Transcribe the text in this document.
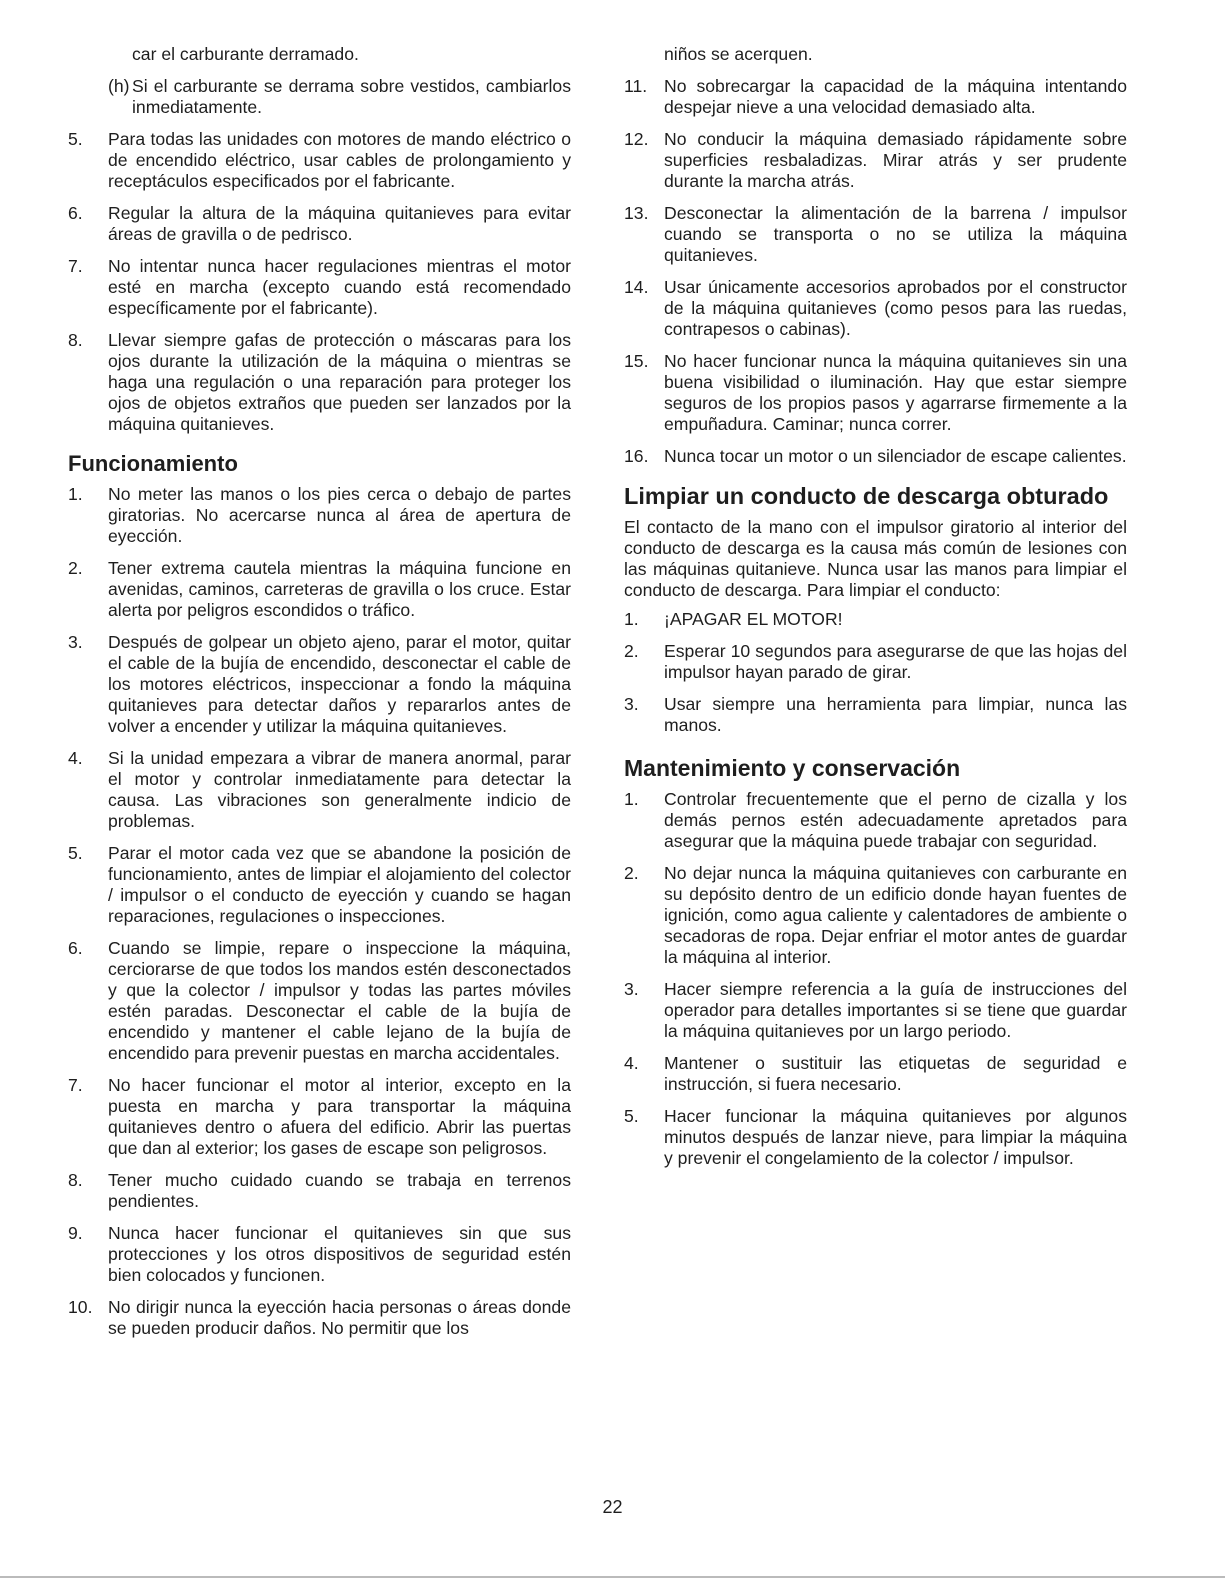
car el carburante derramado.
(h) Si el carburante se derrama sobre vestidos, cambiarlos inmediatamente.
5. Para todas las unidades con motores de mando eléctrico o de encendido eléctrico, usar cables de prolongamiento y receptáculos especificados por el fabricante.
6. Regular la altura de la máquina quitanieves para evitar áreas de gravilla o de pedrisco.
7. No intentar nunca hacer regulaciones mientras el motor esté en marcha (excepto cuando está recomendado específicamente por el fabricante).
8. Llevar siempre gafas de protección o máscaras para los ojos durante la utilización de la máquina o mientras se haga una regulación o una reparación para proteger los ojos de objetos extraños que pueden ser lanzados por la máquina quitanieves.
Funcionamiento
1. No meter las manos o los pies cerca o debajo de partes giratorias. No acercarse nunca al área de apertura de eyección.
2. Tener extrema cautela mientras la máquina funcione en avenidas, caminos, carreteras de gravilla o los cruce. Estar alerta por peligros escondidos o tráfico.
3. Después de golpear un objeto ajeno, parar el motor, quitar el cable de la bujía de encendido, desconectar el cable de los motores eléctricos, inspeccionar a fondo la máquina quitanieves para detectar daños y repararlos antes de volver a encender y utilizar la máquina quitanieves.
4. Si la unidad empezara a vibrar de manera anormal, parar el motor y controlar inmediatamente para detectar la causa. Las vibraciones son generalmente indicio de problemas.
5. Parar el motor cada vez que se abandone la posición de funcionamiento, antes de limpiar el alojamiento del colector / impulsor o el conducto de eyección y cuando se hagan reparaciones, regulaciones o inspecciones.
6. Cuando se limpie, repare o inspeccione la máquina, cerciorarse de que todos los mandos estén desconectados y que la colector / impulsor y todas las partes móviles estén paradas. Desconectar el cable de la bujía de encendido y mantener el cable lejano de la bujía de encendido para prevenir puestas en marcha accidentales.
7. No hacer funcionar el motor al interior, excepto en la puesta en marcha y para transportar la máquina quitanieves dentro o afuera del edificio. Abrir las puertas que dan al exterior; los gases de escape son peligrosos.
8. Tener mucho cuidado cuando se trabaja en terrenos pendientes.
9. Nunca hacer funcionar el quitanieves sin que sus protecciones y los otros dispositivos de seguridad estén bien colocados y funcionen.
10. No dirigir nunca la eyección hacia personas o áreas donde se pueden producir daños. No permitir que los
niños se acerquen.
11. No sobrecargar la capacidad de la máquina intentando despejar nieve a una velocidad demasiado alta.
12. No conducir la máquina demasiado rápidamente sobre superficies resbaladizas. Mirar atrás y ser prudente durante la marcha atrás.
13. Desconectar la alimentación de la barrena / impulsor cuando se transporta o no se utiliza la máquina quitanieves.
14. Usar únicamente accesorios aprobados por el constructor de la máquina quitanieves (como pesos para las ruedas, contrapesos o cabinas).
15. No hacer funcionar nunca la máquina quitanieves sin una buena visibilidad o iluminación. Hay que estar siempre seguros de los propios pasos y agarrarse firmemente a la empuñadura. Caminar; nunca correr.
16. Nunca tocar un motor o un silenciador de escape calientes.
Limpiar un conducto de descarga obturado
El contacto de la mano con el impulsor giratorio al interior del conducto de descarga es la causa más común de lesiones con las máquinas quitanieve. Nunca usar las manos para limpiar el conducto de descarga. Para limpiar el conducto:
1. ¡APAGAR EL MOTOR!
2. Esperar 10 segundos para asegurarse de que las hojas del impulsor hayan parado de girar.
3. Usar siempre una herramienta para limpiar, nunca las manos.
Mantenimiento y conservación
1. Controlar frecuentemente que el perno de cizalla y los demás pernos estén adecuadamente apretados para asegurar que la máquina puede trabajar con seguridad.
2. No dejar nunca la máquina quitanieves con carburante en su depósito dentro de un edificio donde hayan fuentes de ignición, como agua caliente y calentadores de ambiente o secadoras de ropa. Dejar enfriar el motor antes de guardar la máquina al interior.
3. Hacer siempre referencia a la guía de instrucciones del operador para detalles importantes si se tiene que guardar la máquina quitanieves por un largo periodo.
4. Mantener o sustituir las etiquetas de seguridad e instrucción, si fuera necesario.
5. Hacer funcionar la máquina quitanieves por algunos minutos después de lanzar nieve, para limpiar la máquina y prevenir el congelamiento de la colector / impulsor.
22
